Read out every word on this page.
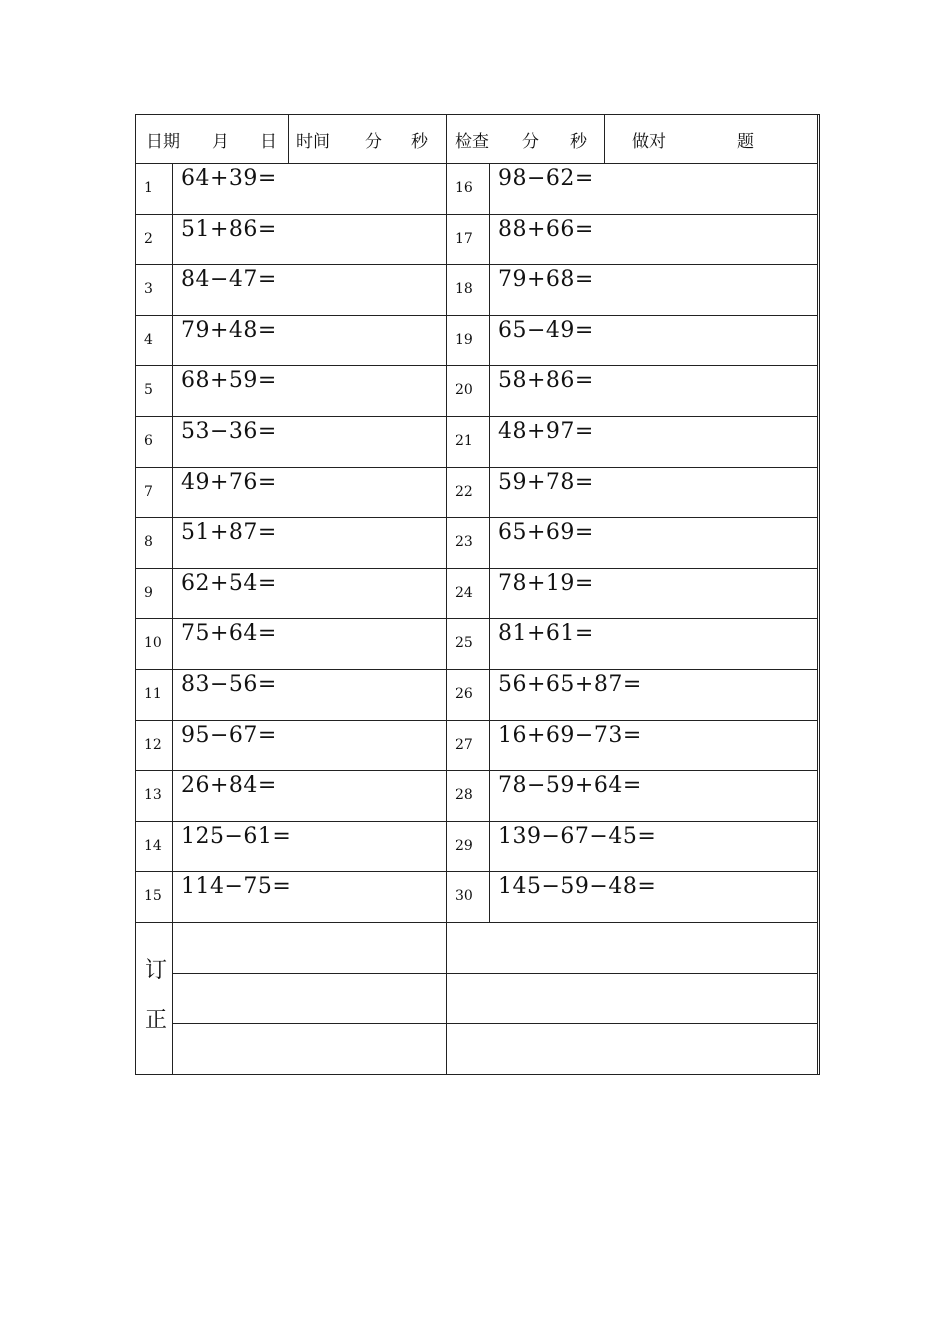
日期 月 日 时间 分 秒 检查 分 秒	做对	题
订
正
1 64+39=
2 51+86=
3 84−47=
4 79+48=
5 68+59=
6 53−36=
7 49+76=
8 51+87=
9 62+54=
10 75+64=
11 83−56=
12 95−67=
13 26+84=
14 125−61=
15 114−75=
16 98−62=
17 88+66=
18 79+68=
19 65−49=
20 58+86=
21 48+97=
22 59+78=
23 65+69=
24 78+19=
25 81+61=
26 56+65+87=
27 16+69−73=
28 78−59+64=
29 139−67−45=
30 145−59−48=
